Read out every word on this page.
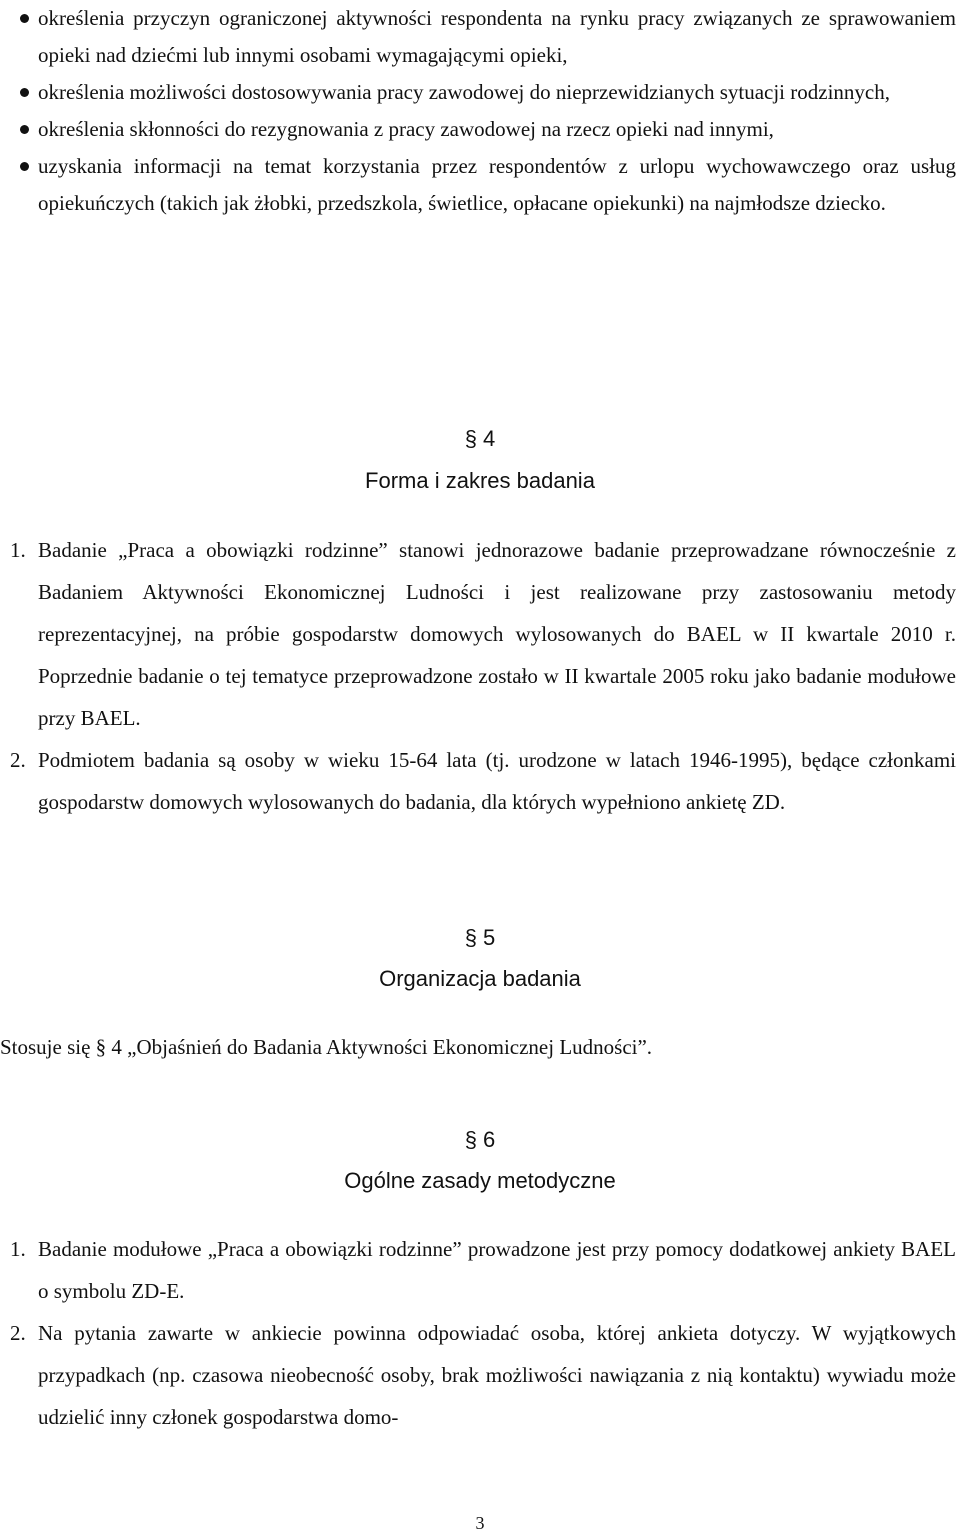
określenia przyczyn ograniczonej aktywności respondenta na rynku pracy związanych ze sprawowaniem opieki nad dziećmi lub innymi osobami wymagającymi opieki,
określenia możliwości dostosowywania pracy zawodowej do nieprzewidzianych sytuacji rodzinnych,
określenia skłonności do rezygnowania z pracy zawodowej na rzecz opieki nad innymi,
uzyskania informacji na temat korzystania przez respondentów z urlopu wychowawczego oraz usług opiekuńczych (takich jak żłobki, przedszkola, świetlice, opłacane opiekunki) na najmłodsze dziecko.
§ 4
Forma i zakres badania
1. Badanie „Praca a obowiązki rodzinne” stanowi jednorazowe badanie przeprowadzane równocześnie z Badaniem Aktywności Ekonomicznej Ludności i jest realizowane przy zastosowaniu metody reprezentacyjnej, na próbie gospodarstw domowych wylosowanych do BAEL w II kwartale 2010 r. Poprzednie badanie o tej tematyce przeprowadzone zostało w II kwartale 2005 roku jako badanie modułowe przy BAEL.
2. Podmiotem badania są osoby w wieku 15-64 lata (tj. urodzone w latach 1946-1995), będące członkami gospodarstw domowych wylosowanych do badania, dla których wypełniono ankietę ZD.
§ 5
Organizacja badania
Stosuje się § 4 „Objaśnień do Badania Aktywności Ekonomicznej Ludności”.
§ 6
Ogólne zasady metodyczne
1. Badanie modułowe „Praca a obowiązki rodzinne” prowadzone jest przy pomocy dodatkowej ankiety BAEL o symbolu ZD-E.
2. Na pytania zawarte w ankiecie powinna odpowiadać osoba, której ankieta dotyczy. W wyjątkowych przypadkach (np. czasowa nieobecność osoby, brak możliwości nawiązania z nią kontaktu) wywiadu może udzielić inny członek gospodarstwa domo-
3
